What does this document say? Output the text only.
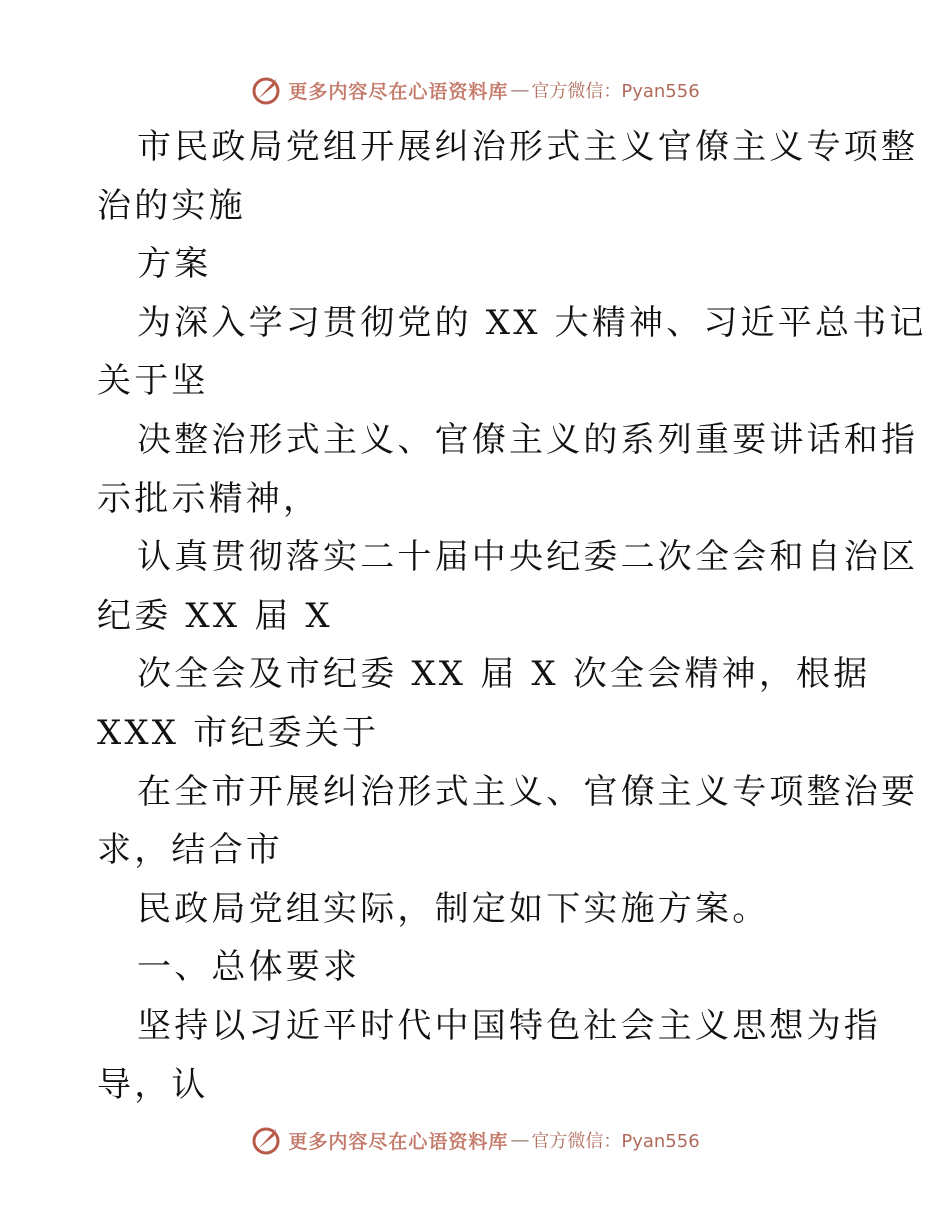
更多内容尽在心语资料库 — 官方微信：Pyan556
市民政局党组开展纠治形式主义官僚主义专项整
治的实施
方案
为深入学习贯彻党的 XX 大精神、习近平总书记
关于坚
决整治形式主义、官僚主义的系列重要讲话和指
示批示精神，
认真贯彻落实二十届中央纪委二次全会和自治区
纪委 XX 届 X
次全会及市纪委 XX 届 X 次全会精神，根据
XXX 市纪委关于
在全市开展纠治形式主义、官僚主义专项整治要
求，结合市
民政局党组实际，制定如下实施方案。
一、总体要求
坚持以习近平时代中国特色社会主义思想为指
导，认
更多内容尽在心语资料库 — 官方微信：Pyan556
